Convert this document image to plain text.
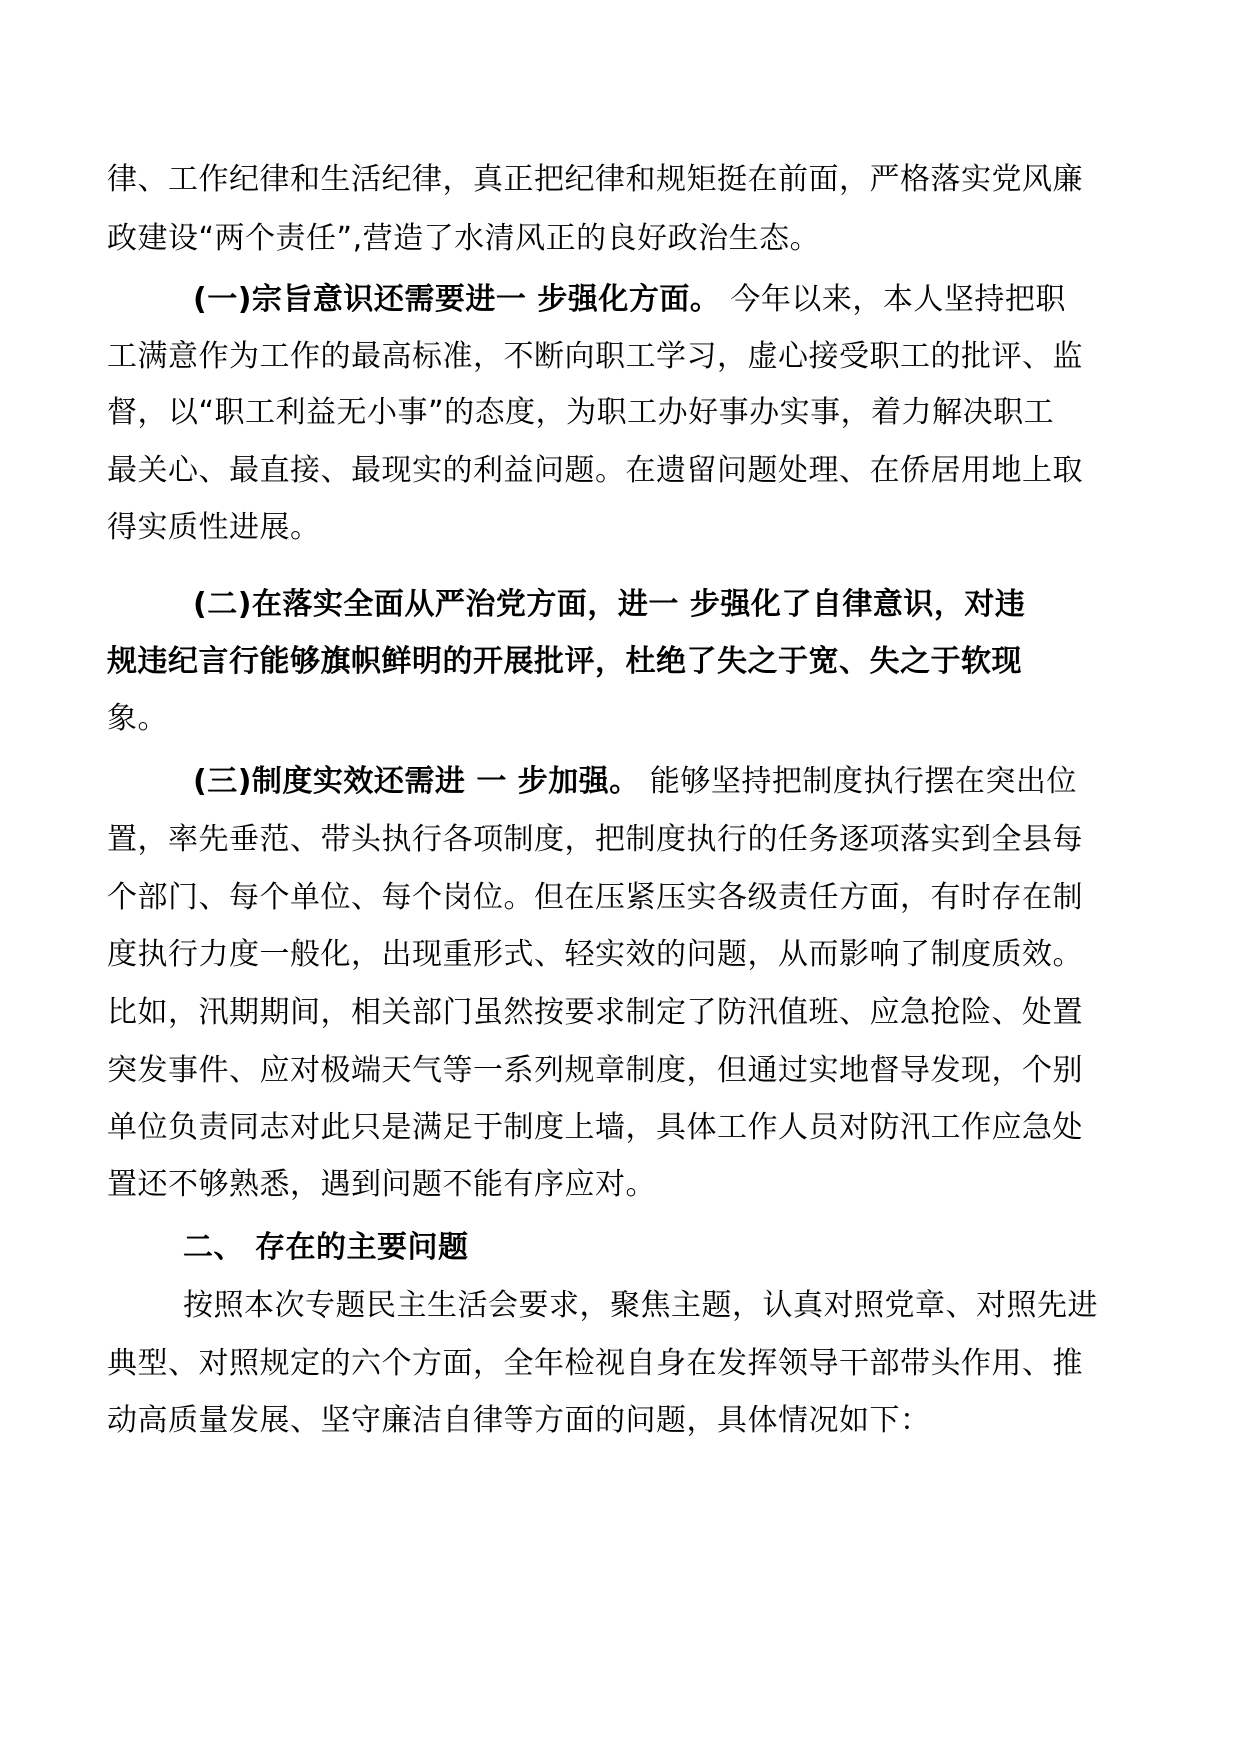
律、工作纪律和生活纪律，真正把纪律和规矩挺在前面，严格落实党风廉
政建设“两个责任”,营造了水清风正的良好政治生态。
(一)宗旨意识还需要进一 步强化方面。 今年以来，本人坚持把职
工满意作为工作的最高标准，不断向职工学习，虚心接受职工的批评、监
督，以“职工利益无小事”的态度，为职工办好事办实事，着力解决职工
最关心、最直接、最现实的利益问题。在遗留问题处理、在侨居用地上取
得实质性进展。
(二)在落实全面从严治党方面，进一 步强化了自律意识，对违
规违纪言行能够旗帜鲜明的开展批评，杜绝了失之于宽、失之于软现
象。
(三)制度实效还需进 一 步加强。 能够坚持把制度执行摆在突出位
置，率先垂范、带头执行各项制度，把制度执行的任务逐项落实到全县每
个部门、每个单位、每个岗位。但在压紧压实各级责任方面，有时存在制
度执行力度一般化，出现重形式、轻实效的问题，从而影响了制度质效。
比如，汛期期间，相关部门虽然按要求制定了防汛值班、应急抢险、处置
突发事件、应对极端天气等一系列规章制度，但通过实地督导发现，个别
单位负责同志对此只是满足于制度上墙，具体工作人员对防汛工作应急处
置还不够熟悉，遇到问题不能有序应对。
二、 存在的主要问题
按照本次专题民主生活会要求，聚焦主题，认真对照党章、对照先进
典型、对照规定的六个方面，全年检视自身在发挥领导干部带头作用、推
动高质量发展、坚守廉洁自律等方面的问题，具体情况如下：
